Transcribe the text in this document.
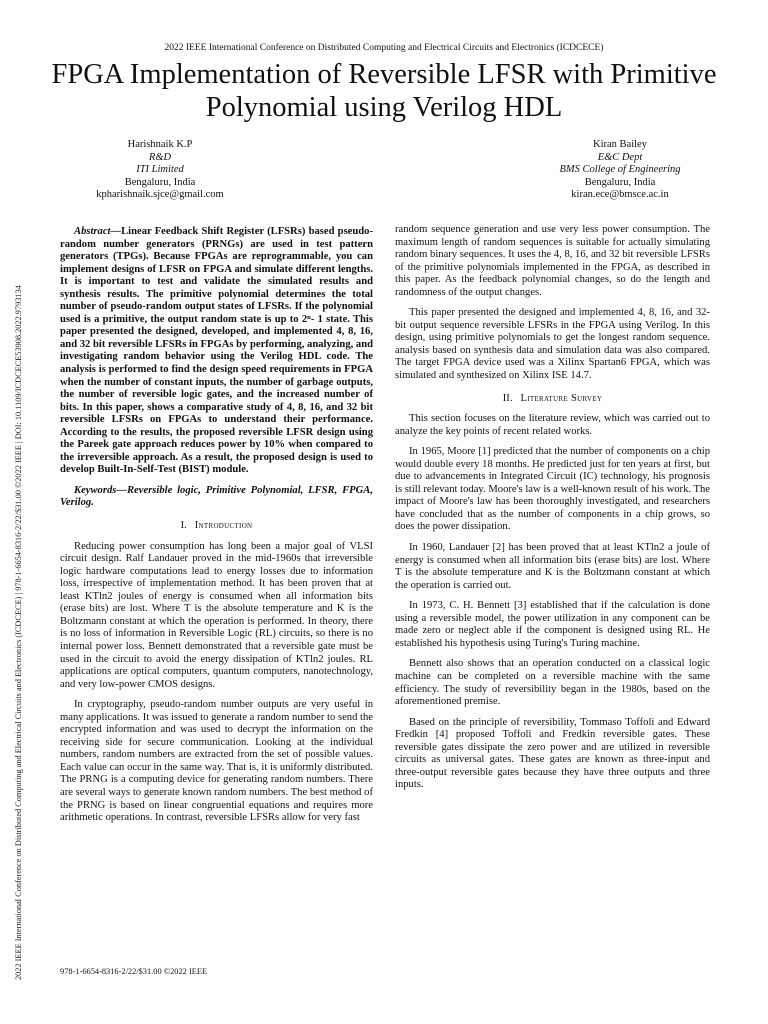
2022 IEEE International Conference on Distributed Computing and Electrical Circuits and Electronics (ICDCECE) | 978-1-6654-8316-2/22/$31.00 ©2022 IEEE | DOI: 10.1109/ICDCECE53908.2022.9793134
2022 IEEE International Conference on Distributed Computing and Electrical Circuits and Electronics (ICDCECE)
FPGA Implementation of Reversible LFSR with Primitive Polynomial using Verilog HDL
Harishnaik K.P
R&D
ITI Limited
Bengaluru, India
kpharishnaik.sjce@gmail.com
Kiran Bailey
E&C Dept
BMS College of Engineering
Bengaluru, India
kiran.ece@bmsce.ac.in

Abstract—Linear Feedback Shift Register (LFSRs) based pseudo-random number generators (PRNGs) are used in test pattern generators (TPGs). Because FPGAs are reprogrammable, you can implement designs of LFSR on FPGA and simulate different lengths. It is important to test and validate the simulated results and synthesis results. The primitive polynomial determines the total number of pseudo-random output states of LFSRs. If the polynomial used is a primitive, the output random state is up to 2ⁿ- 1 state. This paper presented the designed, developed, and implemented 4, 8, 16, and 32 bit reversible LFSRs in FPGAs by performing, analyzing, and investigating random behavior using the Verilog HDL code. The analysis is performed to find the design speed requirements in FPGA when the number of constant inputs, the number of garbage outputs, the number of reversible logic gates, and the increased number of bits. In this paper, shows a comparative study of 4, 8, 16, and 32 bit reversible LFSRs on FPGAs to understand their performance. According to the results, the proposed reversible LFSR design using the Pareek gate approach reduces power by 10% when compared to the irreversible approach. As a result, the proposed design is used to develop Built-In-Self-Test (BIST) module.

Keywords—Reversible logic, Primitive Polynomial, LFSR, FPGA, Verilog.

I. Introduction

Reducing power consumption has long been a major goal of VLSI circuit design. Ralf Landauer proved in the mid-1960s that irreversible logic hardware computations lead to energy losses due to information loss, irrespective of implementation method. It has been proven that at least KTln2 joules of energy is consumed when all information bits (erase bits) are lost. Where T is the absolute temperature and K is the Boltzmann constant at which the operation is performed. In theory, there is no loss of information in Reversible Logic (RL) circuits, so there is no internal power loss. Bennett demonstrated that a reversible gate must be used in the circuit to avoid the energy dissipation of KTln2 joules. RL applications are optical computers, quantum computers, nanotechnology, and very low-power CMOS designs.

In cryptography, pseudo-random number outputs are very useful in many applications. It was issued to generate a random number to send the encrypted information and was used to decrypt the information on the receiving side for secure communication. Looking at the individual numbers, random numbers are extracted from the set of possible values. Each value can occur in the same way. That is, it is uniformly distributed. The PRNG is a computing device for generating random numbers. There are several ways to generate known random numbers. The best method of the PRNG is based on linear congruential equations and requires more arithmetic operations. In contrast, reversible LFSRs allow for very fast

random sequence generation and use very less power consumption. The maximum length of random sequences is suitable for actually simulating random binary sequences. It uses the 4, 8, 16, and 32 bit reversible LFSRs of the primitive polynomials implemented in the FPGA, as described in this paper. As the feedback polynomial changes, so do the length and randomness of the output changes.

This paper presented the designed and implemented 4, 8, 16, and 32-bit output sequence reversible LFSRs in the FPGA using Verilog. In this design, using primitive polynomials to get the longest random sequence. analysis based on synthesis data and simulation data was also compared. The target FPGA device used was a Xilinx Spartan6 FPGA, which was simulated and synthesized on Xilinx ISE 14.7.

II. Literature Survey

This section focuses on the literature review, which was carried out to analyze the key points of recent related works.

In 1965, Moore [1] predicted that the number of components on a chip would double every 18 months. He predicted just for ten years at first, but due to advancements in Integrated Circuit (IC) technology, his prognosis is still relevant today. Moore's law is a well-known result of his work. The impact of Moore's law has been thoroughly investigated, and researchers have concluded that as the number of components in a chip grows, so does the power dissipation.

In 1960, Landauer [2] has been proved that at least KTln2 a joule of energy is consumed when all information bits (erase bits) are lost. Where T is the absolute temperature and K is the Boltzmann constant at which the operation is carried out.

In 1973, C. H. Bennett [3] established that if the calculation is done using a reversible model, the power utilization in any component can be made zero or neglect able if the component is designed using RL. He established his hypothesis using Turing's Turing machine.

Bennett also shows that an operation conducted on a classical logic machine can be completed on a reversible machine with the same efficiency. The study of reversibility began in the 1980s, based on the aforementioned premise.

Based on the principle of reversibility, Tommaso Toffoli and Edward Fredkin [4] proposed Toffoli and Fredkin reversible gates. These reversible gates dissipate the zero power and are utilized in reversible circuits as universal gates. These gates are known as three-input and three-output reversible gates because they have three outputs and three inputs.

978-1-6654-8316-2/22/$31.00 ©2022 IEEE
